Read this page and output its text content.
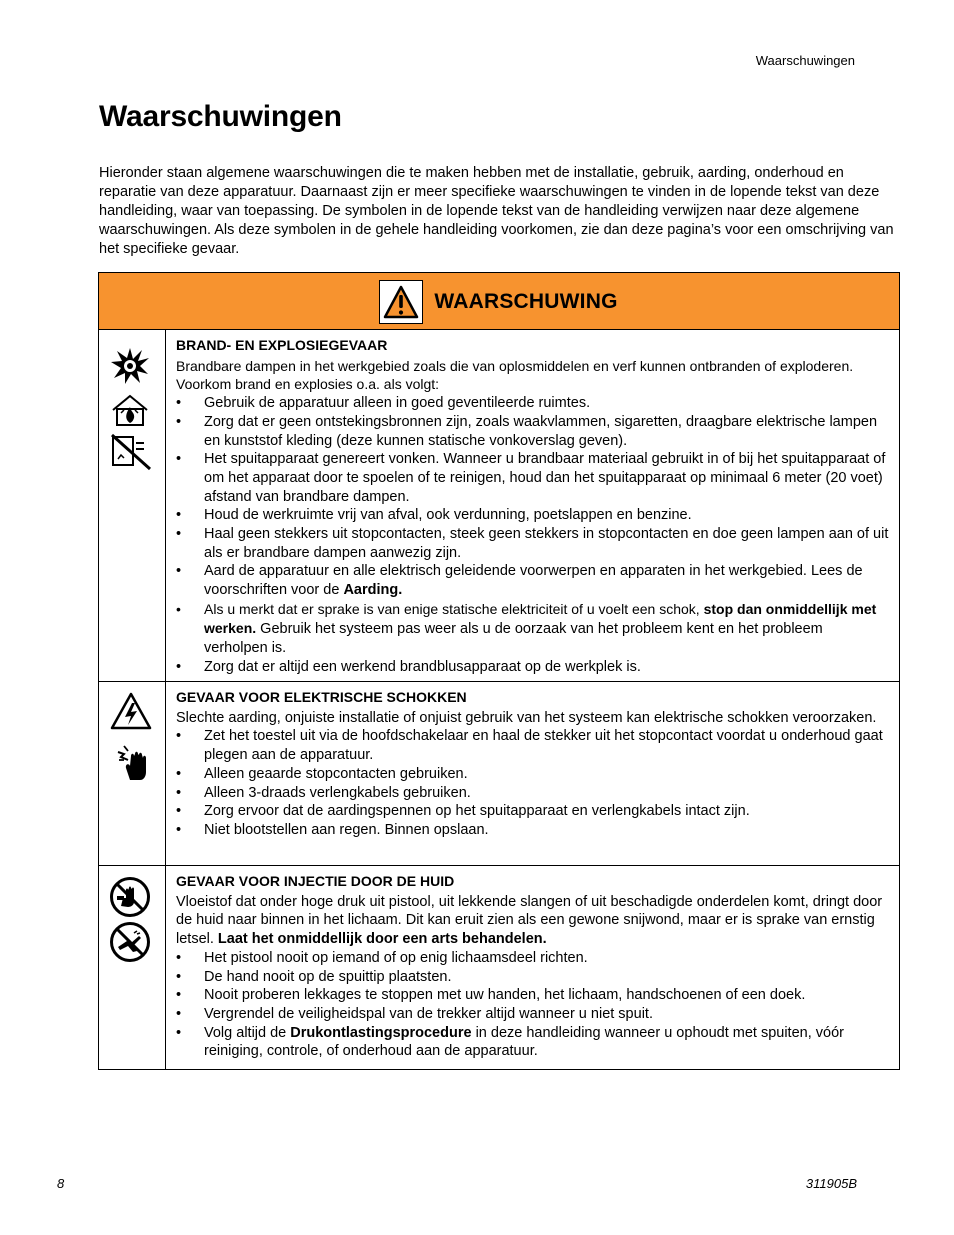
Waarschuwingen
Waarschuwingen

Hieronder staan algemene waarschuwingen die te maken hebben met de installatie, gebruik, aarding, onderhoud en reparatie van deze apparatuur. Daarnaast zijn er meer specifieke waarschuwingen te vinden in de lopende tekst van deze handleiding, waar van toepassing. De symbolen in de lopende tekst van de handleiding verwijzen naar deze algemene waarschuwingen. Als deze symbolen in de gehele handleiding voorkomen, zie dan deze pagina’s voor een omschrijving van het specifieke gevaar.

WAARSCHUWING
BRAND- EN EXPLOSIEGEVAAR
Brandbare dampen in het werkgebied zoals die van oplosmiddelen en verf kunnen ontbranden of exploderen. Voorkom brand en explosies o.a. als volgt:
• Gebruik de apparatuur alleen in goed geventileerde ruimtes.
• Zorg dat er geen ontstekingsbronnen zijn, zoals waakvlammen, sigaretten, draagbare elektrische lampen en kunststof kleding (deze kunnen statische vonkoverslag geven).
• Het spuitapparaat genereert vonken. Wanneer u brandbaar materiaal gebruikt in of bij het spuitapparaat of om het apparaat door te spoelen of te reinigen, houd dan het spuitapparaat op minimaal 6 meter (20 voet) afstand van brandbare dampen.
• Houd de werkruimte vrij van afval, ook verdunning, poetslappen en benzine.
• Haal geen stekkers uit stopcontacten, steek geen stekkers in stopcontacten en doe geen lampen aan of uit als er brandbare dampen aanwezig zijn.
• Aard de apparatuur en alle elektrisch geleidende voorwerpen en apparaten in het werkgebied. Lees de voorschriften voor de Aarding.
• Als u merkt dat er sprake is van enige statische elektriciteit of u voelt een schok, stop dan onmiddellijk met werken. Gebruik het systeem pas weer als u de oorzaak van het probleem kent en het probleem verholpen is.
• Zorg dat er altijd een werkend brandblusapparaat op de werkplek is.
GEVAAR VOOR ELEKTRISCHE SCHOKKEN
Slechte aarding, onjuiste installatie of onjuist gebruik van het systeem kan elektrische schokken veroorzaken.
• Zet het toestel uit via de hoofdschakelaar en haal de stekker uit het stopcontact voordat u onderhoud gaat plegen aan de apparatuur.
• Alleen geaarde stopcontacten gebruiken.
• Alleen 3-draads verlengkabels gebruiken.
• Zorg ervoor dat de aardingspennen op het spuitapparaat en verlengkabels intact zijn.
• Niet blootstellen aan regen. Binnen opslaan.
GEVAAR VOOR INJECTIE DOOR DE HUID
Vloeistof dat onder hoge druk uit pistool, uit lekkende slangen of uit beschadigde onderdelen komt, dringt door de huid naar binnen in het lichaam. Dit kan eruit zien als een gewone snijwond, maar er is sprake van ernstig letsel. Laat het onmiddellijk door een arts behandelen.
• Het pistool nooit op iemand of op enig lichaamsdeel richten.
• De hand nooit op de spuittip plaatsten.
• Nooit proberen lekkages te stoppen met uw handen, het lichaam, handschoenen of een doek.
• Vergrendel de veiligheidspal van de trekker altijd wanneer u niet spuit.
• Volg altijd de Drukontlastingsprocedure in deze handleiding wanneer u ophoudt met spuiten, vóór reiniging, controle, of onderhoud aan de apparatuur.
8	311905B
